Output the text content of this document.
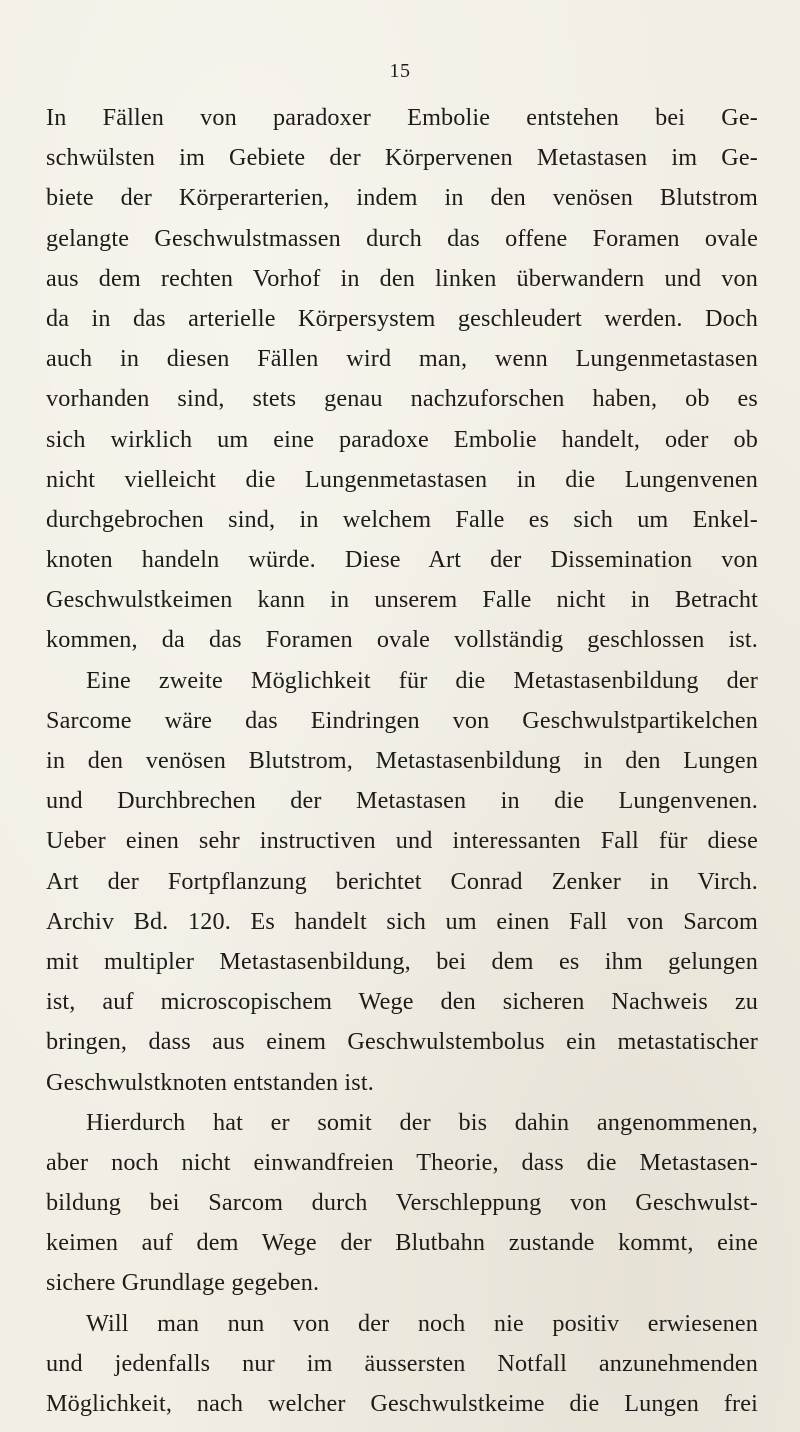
15
In Fällen von paradoxer Embolie entstehen bei Ge-
schwülsten im Gebiete der Körpervenen Metastasen im Ge-
biete der Körperarterien, indem in den venösen Blutstrom
gelangte Geschwulstmassen durch das offene Foramen ovale
aus dem rechten Vorhof in den linken überwandern und von
da in das arterielle Körpersystem geschleudert werden. Doch
auch in diesen Fällen wird man, wenn Lungenmetastasen
vorhanden sind, stets genau nachzuforschen haben, ob es
sich wirklich um eine paradoxe Embolie handelt, oder ob
nicht vielleicht die Lungenmetastasen in die Lungenvenen
durchgebrochen sind, in welchem Falle es sich um Enkel-
knoten handeln würde. Diese Art der Dissemination von
Geschwulstkeimen kann in unserem Falle nicht in Betracht
kommen, da das Foramen ovale vollständig geschlossen ist.
Eine zweite Möglichkeit für die Metastasenbildung der
Sarcome wäre das Eindringen von Geschwulstpartikelchen
in den venösen Blutstrom, Metastasenbildung in den Lungen
und Durchbrechen der Metastasen in die Lungenvenen.
Ueber einen sehr instructiven und interessanten Fall für diese
Art der Fortpflanzung berichtet Conrad Zenker in Virch.
Archiv Bd. 120. Es handelt sich um einen Fall von Sarcom
mit multipler Metastasenbildung, bei dem es ihm gelungen
ist, auf microscopischem Wege den sicheren Nachweis zu
bringen, dass aus einem Geschwulstembolus ein metastatischer
Geschwulstknoten entstanden ist.
Hierdurch hat er somit der bis dahin angenommenen,
aber noch nicht einwandfreien Theorie, dass die Metastasen-
bildung bei Sarcom durch Verschleppung von Geschwulst-
keimen auf dem Wege der Blutbahn zustande kommt, eine
sichere Grundlage gegeben.
Will man nun von der noch nie positiv erwiesenen
und jedenfalls nur im äussersten Notfall anzunehmenden
Möglichkeit, nach welcher Geschwulstkeime die Lungen frei
